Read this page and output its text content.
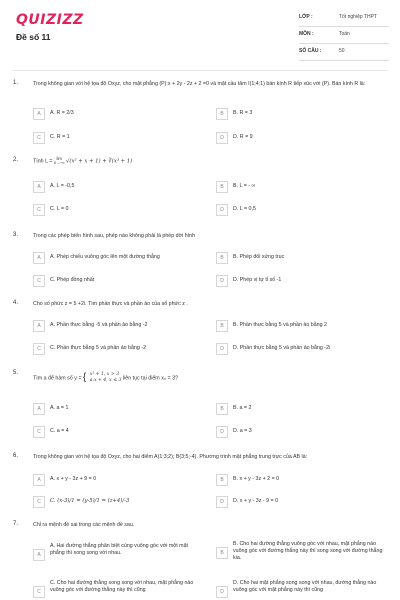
QUIZIZZ
Đề số 11
LỚP :	Tốt nghiệp THPT
MÔN :	Toán
SỐ CÂU :	50
1.	Trong không gian với hệ tọa độ Oxyz, cho mặt phẳng (P):x + 2y - 2z + 2 =0 và mặt cầu tâm I(1;4;1) bán kính R tiếp xúc với (P). Bán kính R là:
A	A. R = 2/3	B	B. R = 3
C	C. R = 1	D	D. R = 9
2.	Tính L = lim
x→-∞ √(x² + x + 1) + ∛(x³ + 1)
A	A. L = -0,5	B	B. L = - ∞
C	C. L = 0	D	D. L = 0,5
3.	Trong các phép biến hình sau, phép nào không phải là phép dời hình
A	A. Phép chiếu vuông góc lên một đường thẳng	B	B. Phép đối xứng trục
C	C. Phép đồng nhất	D	D. Phép vị tự tỉ số -1
4.	Cho số phức z = 5 +2i. Tìm phần thực và phần ảo của số phức z .
A	A. Phần thực bằng -5 và phần ảo bằng -2	B	B. Phần thực bằng 5 và phần ảo bằng 2
C	C. Phần thực bằng 5 và phần ảo bằng -2	D	D. Phần thực bằng 5 và phần ảo bằng -2i
5.
Tìm a để hàm số y = { x² + 1, x > 3
a.x + 4, x ≤ 3 liên tục tại điểm x₀ = 3?
A	A. a = 1	B	B. a = 2
C	C. a = 4	D	D. a = 3
6.	Trong không gian với hệ tọa độ Oxyz, cho hai điểm A(1;3;2); B(3;5;-4). Phương trình mặt phẳng trung trực của AB là:
A	A. x + y - 3z + 9 = 0	B	B. x + y - 3z + 2 = 0
C	C. (x-3)/1 = (y-5)/1 = (z+4)/-3	D	D. x + y - 3z - 9 = 0
7.	Chỉ ra mệnh đề sai trong các mệnh đề sau.
A
A. Hai đường thẳng phân biệt cùng vuông góc với một mặt phẳng thì song song với nhau.	B
B. Cho hai đường thẳng vuông góc với nhau, mặt phẳng nào vuông góc với đường thẳng này thì song song với đường thẳng kia.
C
C. Cho hai đường thẳng song song với nhau, mặt phẳng nào vuông góc với đường thẳng này thì cũng	D
D. Cho hai mặt phẳng song song với nhau, đường thẳng nào vuông góc với mặt phẳng này thì cũng
